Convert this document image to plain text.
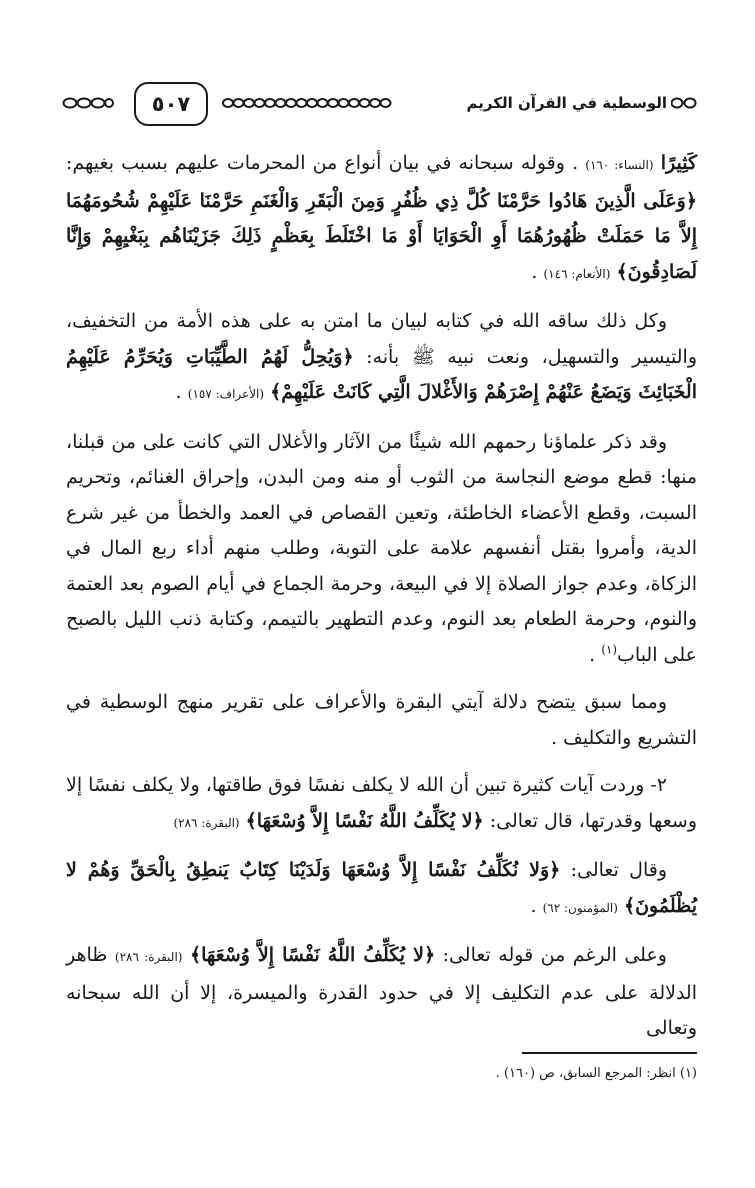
الوسطية في القرآن الكريم
٥٠٧

كَثِيرًا (النساء: ١٦٠) . وقوله سبحانه في بيان أنواع من المحرمات عليهم بسبب بغيهم: ﴿وَعَلَى الَّذِينَ هَادُوا حَرَّمْنَا كُلَّ ذِي ظُفُرٍ وَمِنَ الْبَقَرِ وَالْغَنَمِ حَرَّمْنَا عَلَيْهِمْ شُحُومَهُمَا إِلاَّ مَا حَمَلَتْ ظُهُورُهُمَا أَوِ الْحَوَايَا أَوْ مَا اخْتَلَطَ بِعَظْمٍ ذَلِكَ جَزَيْنَاهُم بِبَغْيِهِمْ وَإِنَّا لَصَادِقُونَ﴾ (الأنعام: ١٤٦) .

وكل ذلك ساقه الله في كتابه لبيان ما امتن به على هذه الأمة من التخفيف، والتيسير والتسهيل، ونعت نبيه ﷺ بأنه: ﴿وَيُحِلُّ لَهُمُ الطَّيِّبَاتِ وَيُحَرِّمُ عَلَيْهِمُ الْخَبَائِثَ وَيَضَعُ عَنْهُمْ إِصْرَهُمْ وَالأَغْلالَ الَّتِي كَانَتْ عَلَيْهِمْ﴾ (الأعراف: ١٥٧) .

وقد ذكر علماؤنا رحمهم الله شيئًا من الآثار والأغلال التي كانت على من قبلنا، منها: قطع موضع النجاسة من الثوب أو منه ومن البدن، وإحراق الغنائم، وتحريم السبت، وقطع الأعضاء الخاطئة، وتعين القصاص في العمد والخطأ من غير شرع الدية، وأمروا بقتل أنفسهم علامة على التوبة، وطلب منهم أداء ربع المال في الزكاة، وعدم جواز الصلاة إلا في البيعة، وحرمة الجماع في أيام الصوم بعد العتمة والنوم، وحرمة الطعام بعد النوم، وعدم التطهير بالتيمم، وكتابة ذنب الليل بالصبح على الباب$^{(١)}$ .

ومما سبق يتضح دلالة آيتي البقرة والأعراف على تقرير منهج الوسطية في التشريع والتكليف .

٢- وردت آيات كثيرة تبين أن الله لا يكلف نفسًا فوق طاقتها، ولا يكلف نفسًا إلا وسعها وقدرتها، قال تعالى: ﴿لا يُكَلِّفُ اللَّهُ نَفْسًا إِلاَّ وُسْعَهَا﴾ (البقرة: ٢٨٦)

وقال تعالى: ﴿وَلا نُكَلِّفُ نَفْسًا إِلاَّ وُسْعَهَا وَلَدَيْنَا كِتَابٌ يَنطِقُ بِالْحَقِّ وَهُمْ لا يُظْلَمُونَ﴾ (المؤمنون: ٦٢) .

وعلى الرغم من قوله تعالى: ﴿لا يُكَلِّفُ اللَّهُ نَفْسًا إِلاَّ وُسْعَهَا﴾ (البقرة: ٢٨٦) ظاهر الدلالة على عدم التكليف إلا في حدود القدرة والميسرة، إلا أن الله سبحانه وتعالى

(١) انظر: المرجع السابق، ص (١٦٠) .
